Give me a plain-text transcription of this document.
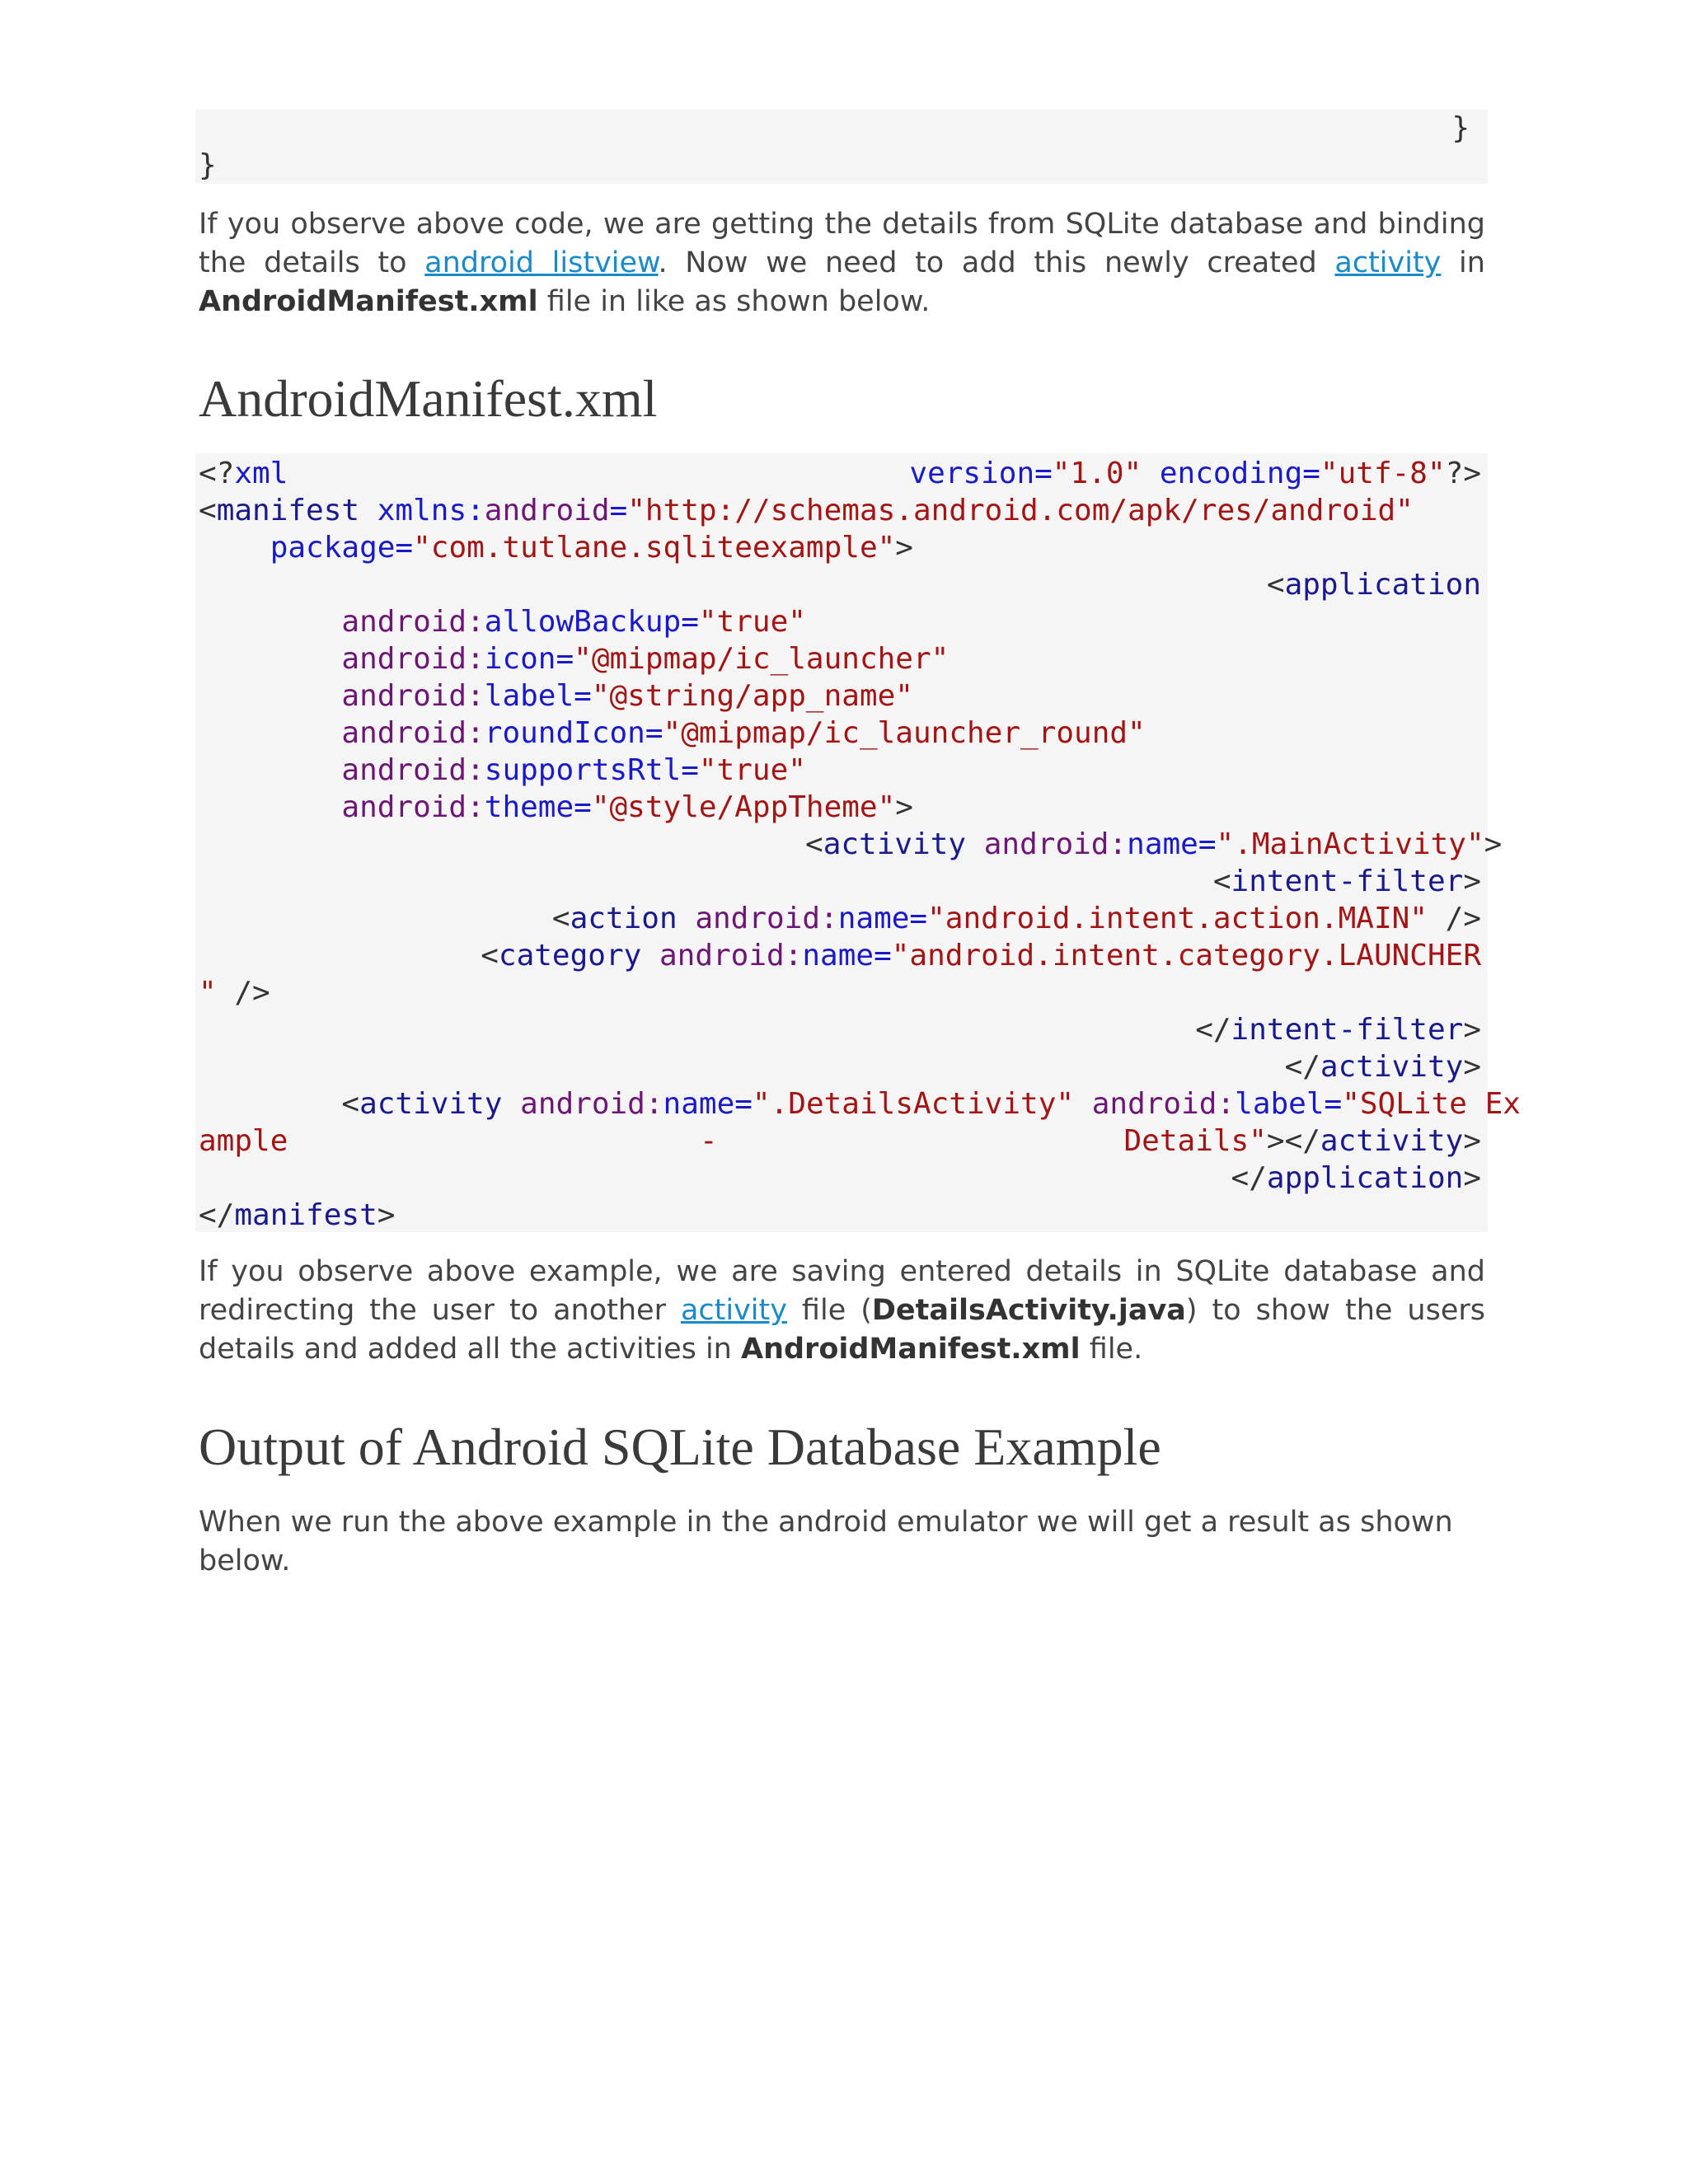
}
}

If you observe above code, we are getting the details from SQLite database and binding the details to android listview. Now we need to add this newly created activity in AndroidManifest.xml file in like as shown below.

AndroidManifest.xml

<?xml

	version="1.0" encoding="utf-8"?>

<manifest xmlns:android="http://schemas.android.com/apk/res/android"

package="com.tutlane.sqliteexample">

<application

android:allowBackup="true"

android:icon="@mipmap/ic_launcher"

android:label="@string/app_name"

android:roundIcon="@mipmap/ic_launcher_round"

android:supportsRtl="true"

android:theme="@style/AppTheme">

<activity android:name=".MainActivity">

<intent-filter>

<action android:name="android.intent.action.MAIN" />

<category android:name="android.intent.category.LAUNCHER

" />

</intent-filter>

</activity>

<activity android:name=".DetailsActivity" android:label="SQLite Ex

ample

	-

	Details"></activity>

</application>

</manifest>

If you observe above example, we are saving entered details in SQLite database and redirecting the user to another activity file (DetailsActivity.java) to show the users details and added all the activities in AndroidManifest.xml file.

Output of Android SQLite Database Example

When we run the above example in the android emulator we will get a result as shown below.
